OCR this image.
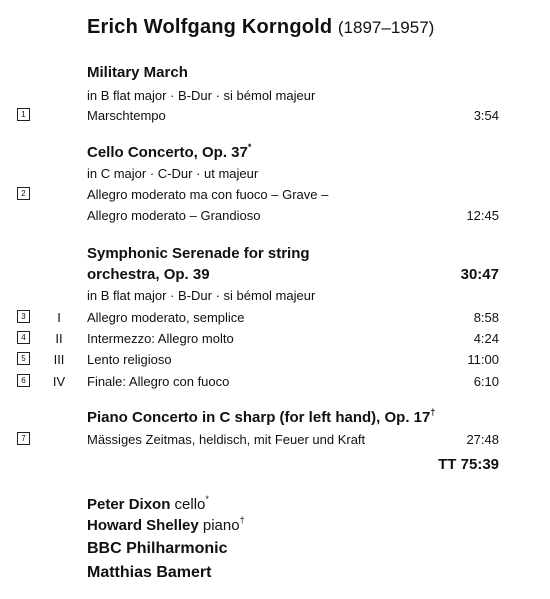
Erich Wolfgang Korngold (1897–1957)
Military March
in B flat major · B-Dur · si bémol majeur
1	Marschtempo	3:54
Cello Concerto, Op. 37*
in C major · C-Dur · ut majeur
2	Allegro moderato ma con fuoco – Grave –
Allegro moderato – Grandioso	12:45
Symphonic Serenade for string
orchestra, Op. 39	30:47
in B flat major · B-Dur · si bémol majeur
3	I	Allegro moderato, semplice	8:58
4	II	Intermezzo: Allegro molto	4:24
5	III	Lento religioso	11:00
6	IV Finale: Allegro con fuoco	6:10
Piano Concerto in C sharp (for left hand), Op. 17†
7	Mässiges Zeitmas, heldisch, mit Feuer und Kraft	27:48
TT 75:39
Peter Dixon cello*
Howard Shelley piano†
BBC Philharmonic
Matthias Bamert
